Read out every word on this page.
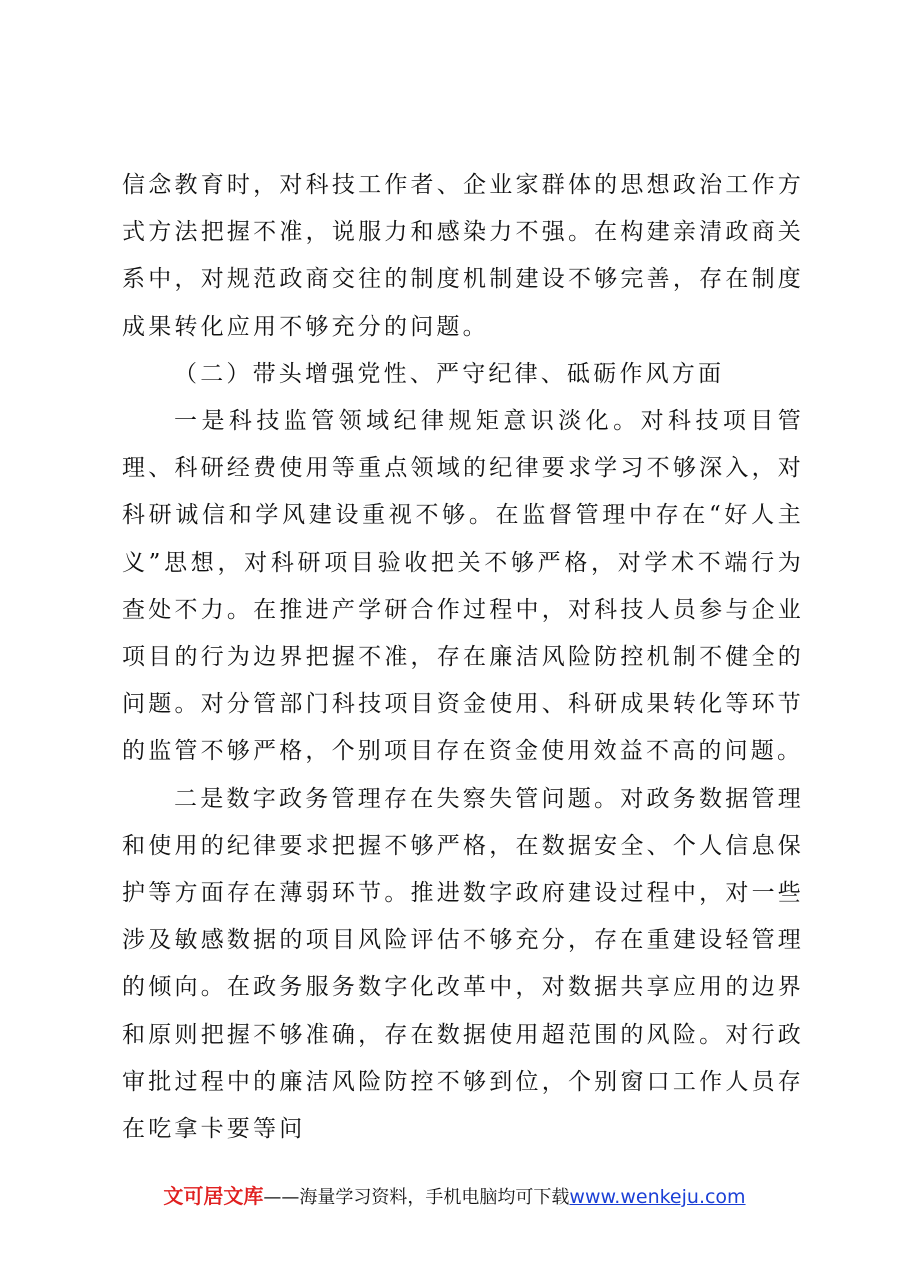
信念教育时，对科技工作者、企业家群体的思想政治工作方式方法把握不准，说服力和感染力不强。在构建亲清政商关系中，对规范政商交往的制度机制建设不够完善，存在制度成果转化应用不够充分的问题。

（二）带头增强党性、严守纪律、砥砺作风方面

一是科技监管领域纪律规矩意识淡化。对科技项目管理、科研经费使用等重点领域的纪律要求学习不够深入，对科研诚信和学风建设重视不够。在监督管理中存在“好人主义”思想，对科研项目验收把关不够严格，对学术不端行为查处不力。在推进产学研合作过程中，对科技人员参与企业项目的行为边界把握不准，存在廉洁风险防控机制不健全的问题。对分管部门科技项目资金使用、科研成果转化等环节的监管不够严格，个别项目存在资金使用效益不高的问题。

二是数字政务管理存在失察失管问题。对政务数据管理和使用的纪律要求把握不够严格，在数据安全、个人信息保护等方面存在薄弱环节。推进数字政府建设过程中，对一些涉及敏感数据的项目风险评估不够充分，存在重建设轻管理的倾向。在政务服务数字化改革中，对数据共享应用的边界和原则把握不够准确，存在数据使用超范围的风险。对行政审批过程中的廉洁风险防控不够到位，个别窗口工作人员存在吃拿卡要等问

文可居文库——海量学习资料，手机电脑均可下载www.wenkeju.com
